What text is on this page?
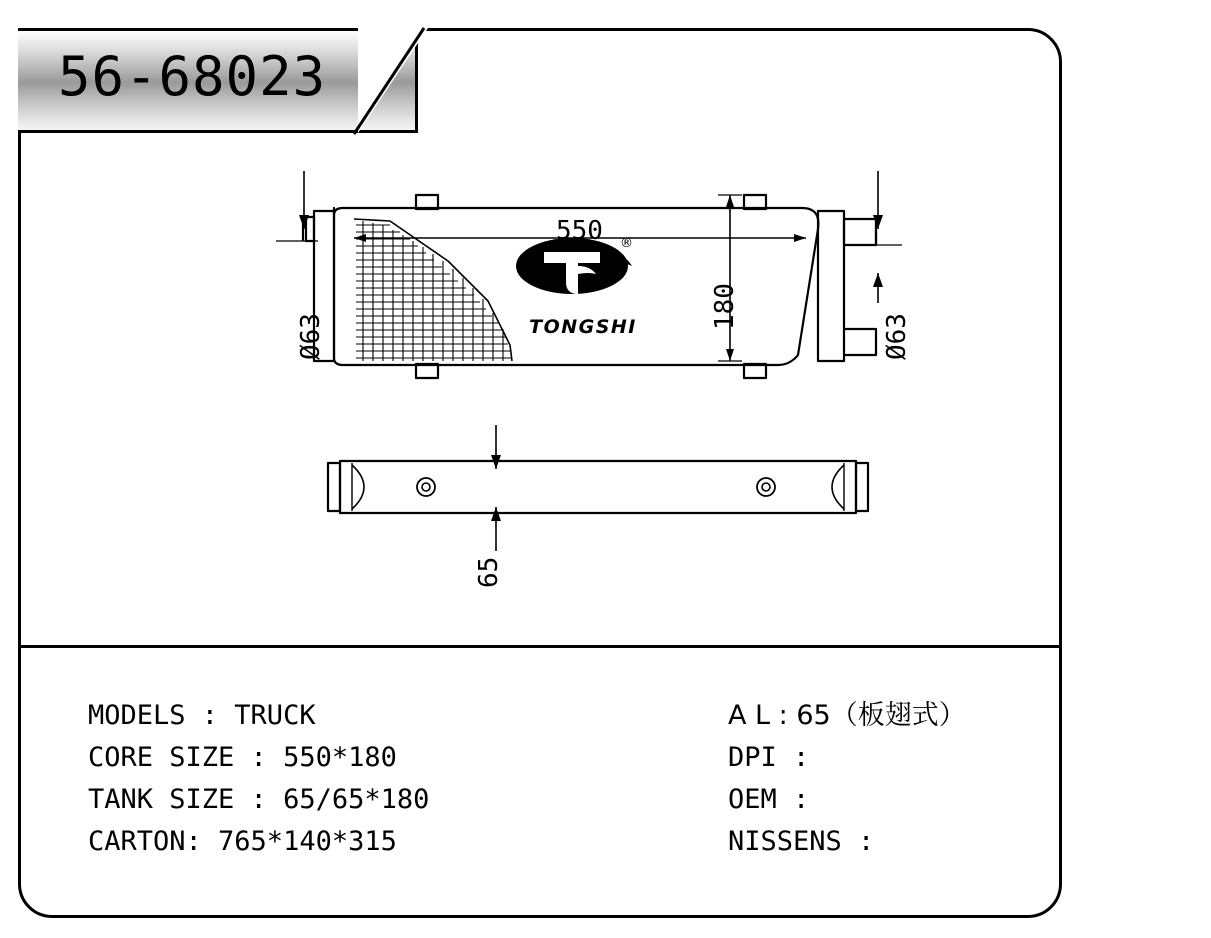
56-68023
®
TONGSHI
550
180
Ø63	Ø63
65
MODELS : TRUCK
CORE SIZE : 550*180
TANK SIZE : 65/65*180
CARTON: 765*140*315
A L : 65（板翅式）
DPI :
OEM :
NISSENS :
